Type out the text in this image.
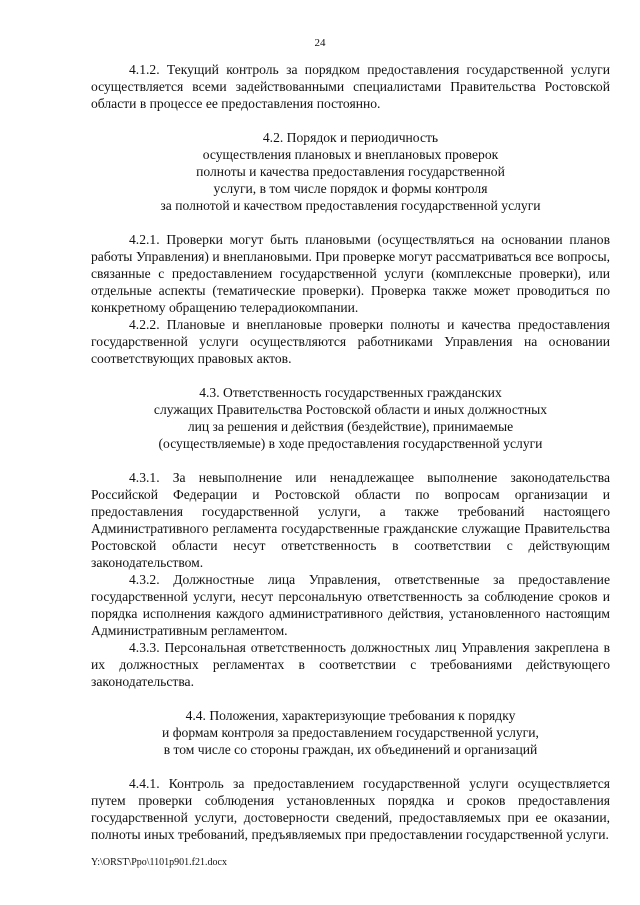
24

4.1.2. Текущий контроль за порядком предоставления государственной услуги осуществляется всеми задействованными специалистами Правительства Ростовской области в процессе ее предоставления постоянно.

4.2. Порядок и периодичность
осуществления плановых и внеплановых проверок
полноты и качества предоставления государственной
услуги, в том числе порядок и формы контроля
за полнотой и качеством предоставления государственной услуги

4.2.1. Проверки могут быть плановыми (осуществляться на основании планов работы Управления) и внеплановыми. При проверке могут рассматриваться все вопросы, связанные с предоставлением государственной услуги (комплексные проверки), или отдельные аспекты (тематические проверки). Проверка также может проводиться по конкретному обращению телерадиокомпании.

4.2.2. Плановые и внеплановые проверки полноты и качества предоставления государственной услуги осуществляются работниками Управления на основании соответствующих правовых актов.

4.3. Ответственность государственных гражданских
служащих Правительства Ростовской области и иных должностных
лиц за решения и действия (бездействие), принимаемые
(осуществляемые) в ходе предоставления государственной услуги

4.3.1. За невыполнение или ненадлежащее выполнение законодательства Российской Федерации и Ростовской области по вопросам организации и предоставления государственной услуги, а также требований настоящего Административного регламента государственные гражданские служащие Правительства Ростовской области несут ответственность в соответствии с действующим законодательством.

4.3.2. Должностные лица Управления, ответственные за предоставление государственной услуги, несут персональную ответственность за соблюдение сроков и порядка исполнения каждого административного действия, установленного настоящим Административным регламентом.

4.3.3. Персональная ответственность должностных лиц Управления закреплена в их должностных регламентах в соответствии с требованиями действующего законодательства.

4.4. Положения, характеризующие требования к порядку
и формам контроля за предоставлением государственной услуги,
в том числе со стороны граждан, их объединений и организаций

4.4.1. Контроль за предоставлением государственной услуги осуществляется путем проверки соблюдения установленных порядка и сроков предоставления государственной услуги, достоверности сведений, предоставляемых при ее оказании, полноты иных требований, предъявляемых при предоставлении государственной услуги.

Y:\ORST\Ppo\1101p901.f21.docx
